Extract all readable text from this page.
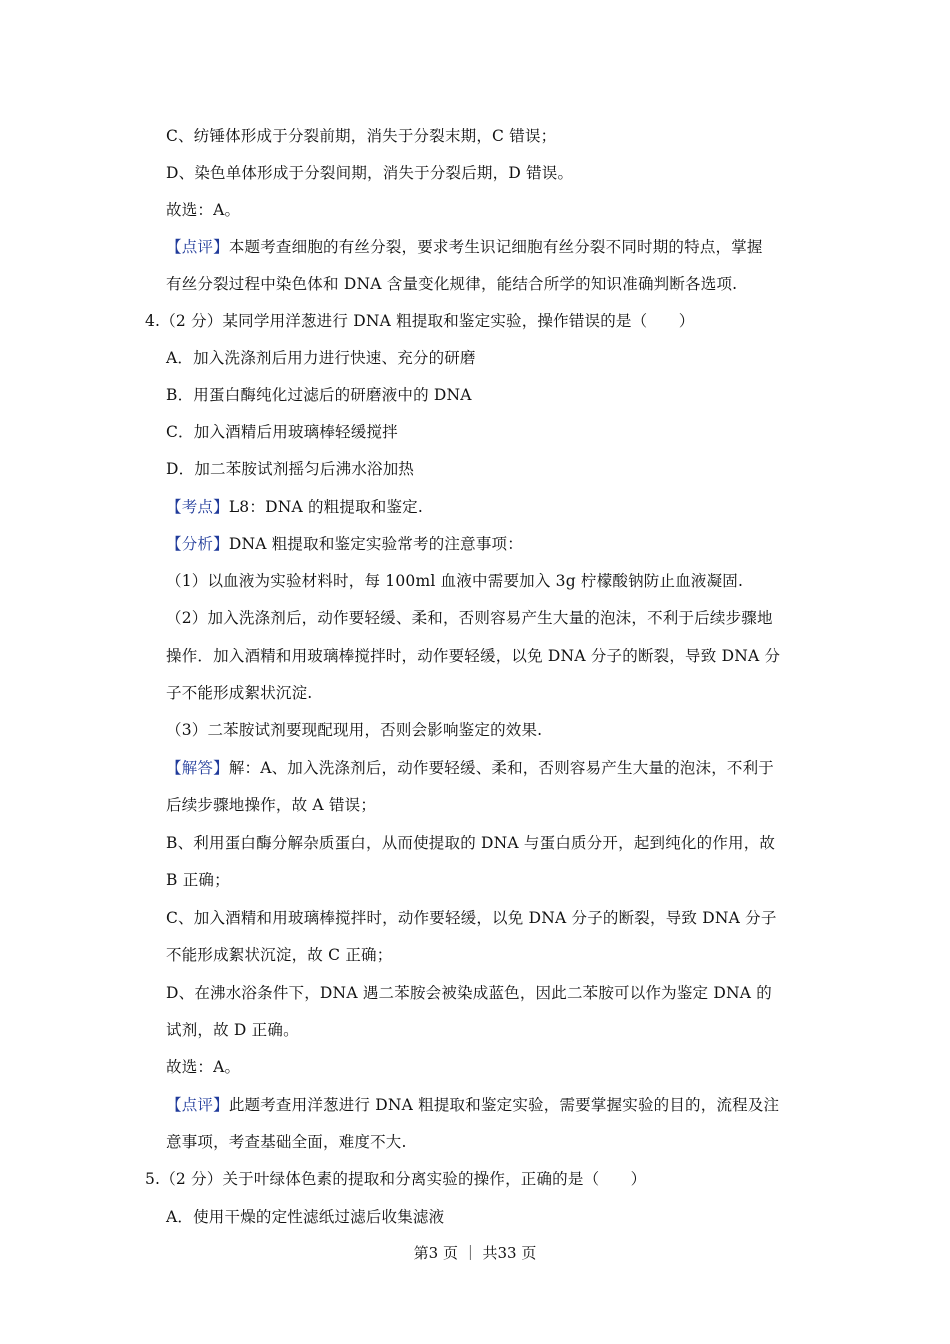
C、纺锤体形成于分裂前期，消失于分裂末期，C 错误；
D、染色单体形成于分裂间期，消失于分裂后期，D 错误。
故选：A。
【点评】本题考查细胞的有丝分裂，要求考生识记细胞有丝分裂不同时期的特点，掌握
有丝分裂过程中染色体和 DNA 含量变化规律，能结合所学的知识准确判断各选项.
4.（2 分）某同学用洋葱进行 DNA 粗提取和鉴定实验，操作错误的是（　　）
A．加入洗涤剂后用力进行快速、充分的研磨
B．用蛋白酶纯化过滤后的研磨液中的 DNA
C．加入酒精后用玻璃棒轻缓搅拌
D．加二苯胺试剂摇匀后沸水浴加热
【考点】L8：DNA 的粗提取和鉴定.
【分析】DNA 粗提取和鉴定实验常考的注意事项：
（1）以血液为实验材料时，每 100ml 血液中需要加入 3g 柠檬酸钠防止血液凝固.
（2）加入洗涤剂后，动作要轻缓、柔和，否则容易产生大量的泡沫，不利于后续步骤地
操作．加入酒精和用玻璃棒搅拌时，动作要轻缓，以免 DNA 分子的断裂，导致 DNA 分
子不能形成絮状沉淀.
（3）二苯胺试剂要现配现用，否则会影响鉴定的效果.
【解答】解：A、加入洗涤剂后，动作要轻缓、柔和，否则容易产生大量的泡沫，不利于
后续步骤地操作，故 A 错误；
B、利用蛋白酶分解杂质蛋白，从而使提取的 DNA 与蛋白质分开，起到纯化的作用，故
B 正确；
C、加入酒精和用玻璃棒搅拌时，动作要轻缓，以免 DNA 分子的断裂，导致 DNA 分子
不能形成絮状沉淀，故 C 正确；
D、在沸水浴条件下，DNA 遇二苯胺会被染成蓝色，因此二苯胺可以作为鉴定 DNA 的
试剂，故 D 正确。
故选：A。
【点评】此题考查用洋葱进行 DNA 粗提取和鉴定实验，需要掌握实验的目的，流程及注
意事项，考查基础全面，难度不大.
5.（2 分）关于叶绿体色素的提取和分离实验的操作，正确的是（　　）
A．使用干燥的定性滤纸过滤后收集滤液
第3 页 ｜ 共33 页
